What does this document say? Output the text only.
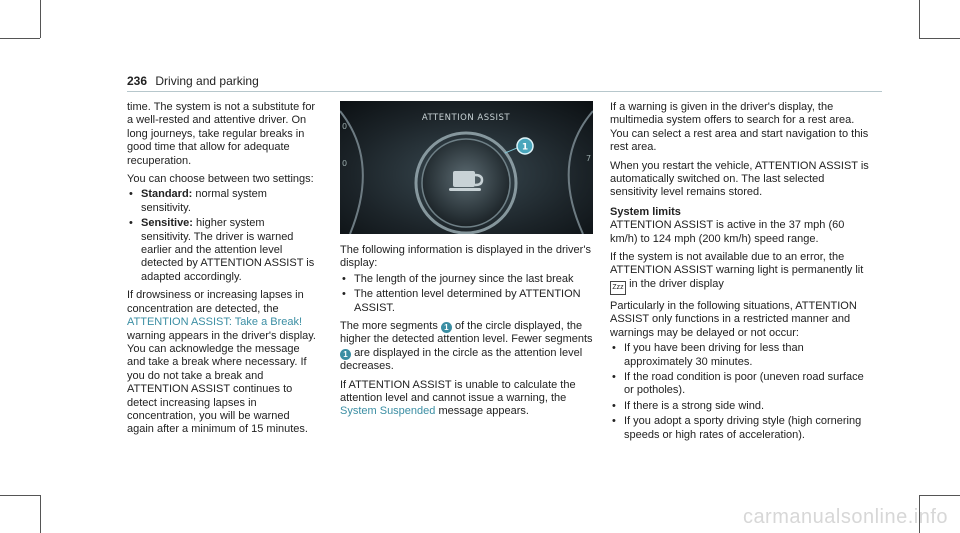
236 Driving and parking

time. The system is not a substitute for a well-rested and attentive driver. On long journeys, take regular breaks in good time that allow for adequate recuperation.

You can choose between two settings:

• Standard: normal system sensitivity.
• Sensitive: higher system sensitivity. The driver is warned earlier and the attention level detected by ATTENTION ASSIST is adapted accordingly.

If drowsiness or increasing lapses in concentration are detected, the ATTENTION ASSIST: Take a Break! warning appears in the driver's display. You can acknowledge the message and take a break where necessary. If you do not take a break and ATTENTION ASSIST continues to detect increasing lapses in concentration, you will be warned again after a minimum of 15 minutes.

0
0
7
ATTENTION ASSIST
1

The following information is displayed in the driver's display:

• The length of the journey since the last break
• The attention level determined by ATTENTION ASSIST.

The more segments 1 of the circle displayed, the higher the detected attention level. Fewer segments 1 are displayed in the circle as the attention level decreases.

If ATTENTION ASSIST is unable to calculate the attention level and cannot issue a warning, the System Suspended message appears.

If a warning is given in the driver's display, the multimedia system offers to search for a rest area. You can select a rest area and start navigation to this rest area.

When you restart the vehicle, ATTENTION ASSIST is automatically switched on. The last selected sensitivity level remains stored.

System limits

ATTENTION ASSIST is active in the 37 mph (60 km/h) to 124 mph (200 km/h) speed range.

If the system is not available due to an error, the ATTENTION ASSIST warning light is permanently lit Zzz in the driver display

Particularly in the following situations, ATTENTION ASSIST only functions in a restricted manner and warnings may be delayed or not occur:

• If you have been driving for less than approximately 30 minutes.
• If the road condition is poor (uneven road surface or potholes).
• If there is a strong side wind.
• If you adopt a sporty driving style (high cornering speeds or high rates of acceleration).
carmanualsonline.info
